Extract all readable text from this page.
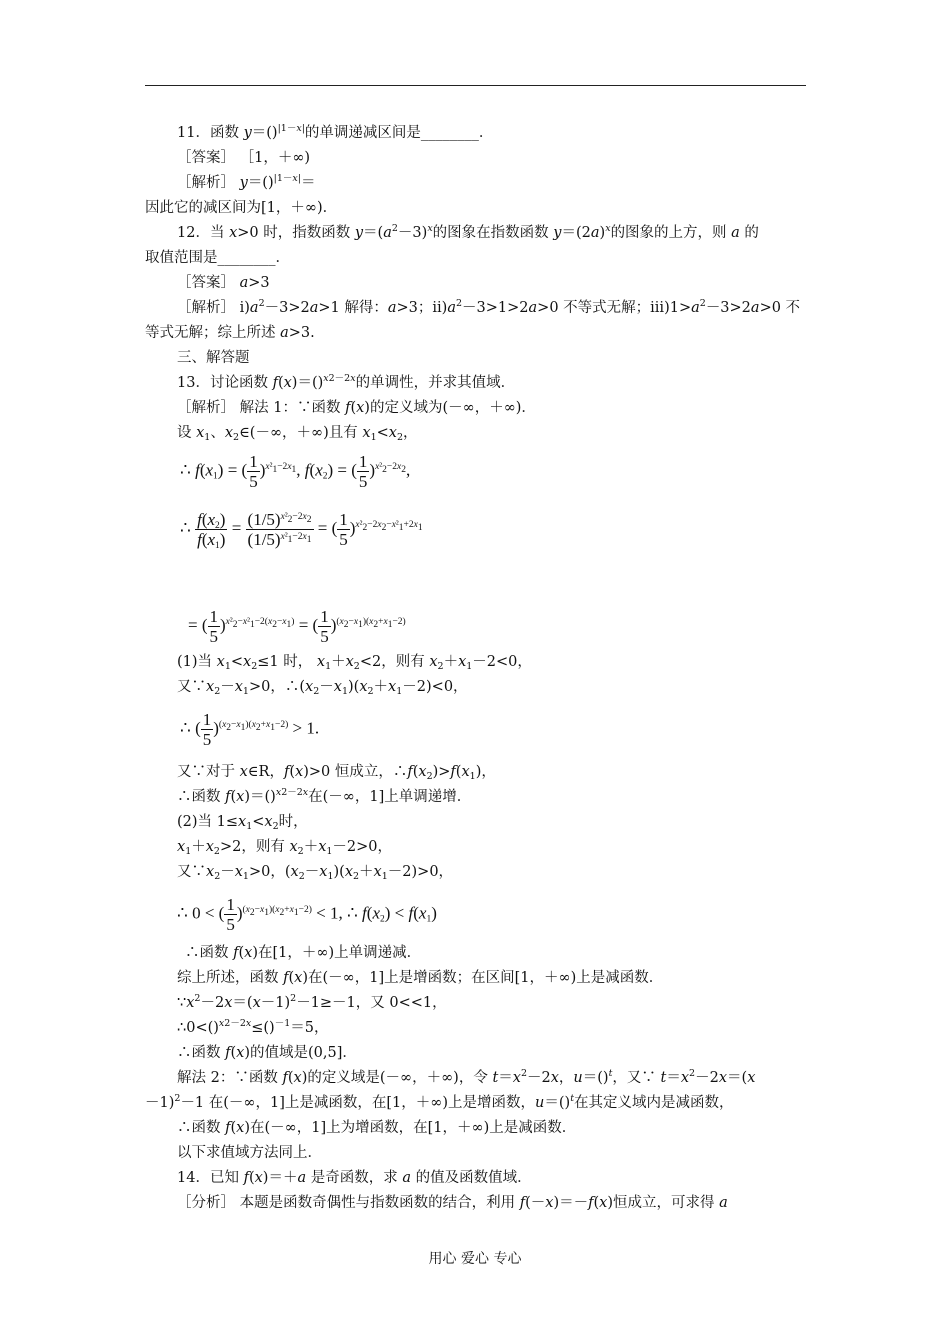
11．函数 y＝()$^{|1-x|}$的单调递减区间是________．
［答案］ ［1，＋∞)
［解析］ y＝()$^{|1-x|}$＝
因此它的减区间为[1，＋∞)．
12．当 x>0 时，指数函数 $y=(a^2-3)^x$的图象在指数函数 $y=(2a)^x$的图象的上方，则 a 的
取值范围是________．
［答案］ a>3
［解析］ $ⅰ)a^2-3>2a>1$ 解得：a>3；$ⅱ)a^2-3>1>2a>0$ 不等式无解；$ⅲ)1>a^2-3>2a>0$ 不
等式无解；综上所述 a>3.
三、解答题
13．讨论函数 f(x)＝()$^{x2-2x}$的单调性，并求其值域．
［解析］ 解法 1：∵函数 f(x)的定义域为(－∞，＋∞)．
设 $x_1$、$x_2\in(-\infty$，＋∞)且有 $x_1<x_2$，
∴ $f(x_1)$ = ( $\frac{1}{5} )^{x^2_1-2x_1}$, $f(x_2)$ = ( $\frac{1}{5} )^{x^2_2-2x_2}$,
∴ $\frac{f(x_2)}{f(x_1)} = \frac{(1/5)^{x^2_2-2x_2}}{(1/5)^{x^2_1-2x_1}}$ = ( $\frac{1}{5} )^{x^2_2-2x_2-x^2_1+2x_1}$
= ( $\frac{1}{5} )^{x^2_2-x^2_1-2(x_2-x_1)}$ = ( $\frac{1}{5} )^{(x_2-x_1)(x_2+x_1-2)}$
(1)当 $x_1<x_2\le 1$ 时， $x_1+x_2<2$，则有 $x_2+x_1-2<0$，
又$\because x_2-x_1>0$，$\therefore(x_2-x_1)(x_2+x_1-2)<0$，
∴ ( $\frac{1}{5} )^{(x_2-x_1)(x_2+x_1-2)} > 1$.
又∵对于 x∈R，f(x)>0 恒成立，$\therefore f(x_2)>f(x_1)$，
∴函数 f(x)＝()$^{x2-2x}$在(－∞，1]上单调递增．
(2)当 $1\le x_1<x_2$时，
$x_1+x_2>2$，则有 $x_2+x_1-2>0$，
又$\because x_2-x_1>0$，$(x_2-x_1)(x_2+x_1-2)>0$，
∴ 0 < ( $\frac{1}{5} )^{(x_2-x_1)(x_2+x_1-2)} < 1$, ∴ $f(x_2) < f(x_1)$
∴函数 f(x)在[1，＋∞)上单调递减．
综上所述，函数 f(x)在(－∞，1]上是增函数；在区间[1，＋∞)上是减函数．
$\because x^2-2x=(x-1)^2-1\ge-1$，又 0<<1，
∴0<()$^{x2-2x}$≤()$^{-1}$＝5，
∴函数 f(x)的值域是(0,5]．
解法 2：∵函数 f(x)的定义域是(－∞，＋∞)，令 $t=x^2-2x$，u＝()$^t$，又∵ $t=x^2-2x=(x$
－1)$^2$－1 在(－∞，1]上是减函数，在[1，＋∞)上是增函数，u＝()$^t$在其定义域内是减函数，
∴函数 f(x)在(－∞，1]上为增函数，在[1，＋∞)上是减函数．
以下求值域方法同上．
14．已知 f(x)＝＋a 是奇函数，求 a 的值及函数值域．
［分析］ 本题是函数奇偶性与指数函数的结合，利用 f(－x)＝－f(x)恒成立，可求得 a
用心 爱心 专心
